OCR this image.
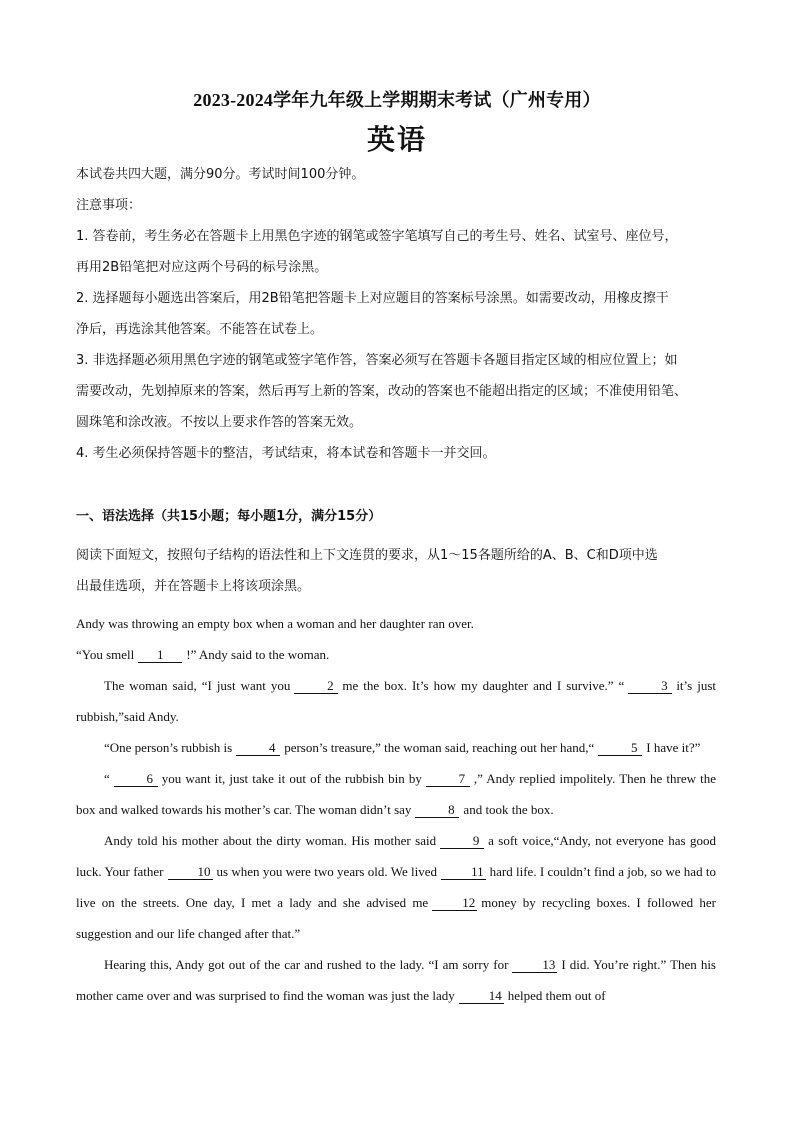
2023-2024学年九年级上学期期末考试（广州专用）
英语

本试卷共四大题，满分90分。考试时间100分钟。

注意事项：

1. 答卷前，考生务必在答题卡上用黑色字迹的钢笔或签字笔填写自己的考生号、姓名、试室号、座位号，

再用2B铅笔把对应这两个号码的标号涂黑。

2. 选择题每小题选出答案后，用2B铅笔把答题卡上对应题目的答案标号涂黑。如需要改动，用橡皮擦干

净后，再选涂其他答案。不能答在试卷上。

3. 非选择题必须用黑色字迹的钢笔或签字笔作答，答案必须写在答题卡各题目指定区域的相应位置上；如

需要改动，先划掉原来的答案，然后再写上新的答案，改动的答案也不能超出指定的区域；不准使用铅笔、

圆珠笔和涂改液。不按以上要求作答的答案无效。

4. 考生必须保持答题卡的整洁，考试结束，将本试卷和答题卡一并交回。

一、语法选择（共15小题；每小题1分，满分15分）

阅读下面短文，按照句子结构的语法性和上下文连贯的要求，从1～15各题所给的A、B、C和D项中选

出最佳选项，并在答题卡上将该项涂黑。

Andy was throwing an empty box when a woman and her daughter ran over.

“You smell 1 !” Andy said to the woman.

The woman said, “I just want you	2 me the box. It’s how my daughter and I survive.” “	3 it’s just rubbish,”said Andy.

“One person’s rubbish is	4 person’s treasure,” the woman said, reaching out her hand,“	5 I have it?”

“	6 you want it, just take it out of the rubbish bin by	7 ,” Andy replied impolitely. Then he threw the box and walked towards his mother’s car. The woman didn’t say	8 and took the box.

Andy told his mother about the dirty woman. His mother said	9 a soft voice,“Andy, not everyone has good luck. Your father	10 us when you were two years old. We lived	11 hard life. I couldn’t find a job, so we had to live on the streets. One day, I met a lady and she advised me	12 money by recycling boxes. I followed her suggestion and our life changed after that.”

Hearing this, Andy got out of the car and rushed to the lady. “I am sorry for	13 I did. You’re right.” Then his mother came over and was surprised to find the woman was just the lady	14 helped them out of
